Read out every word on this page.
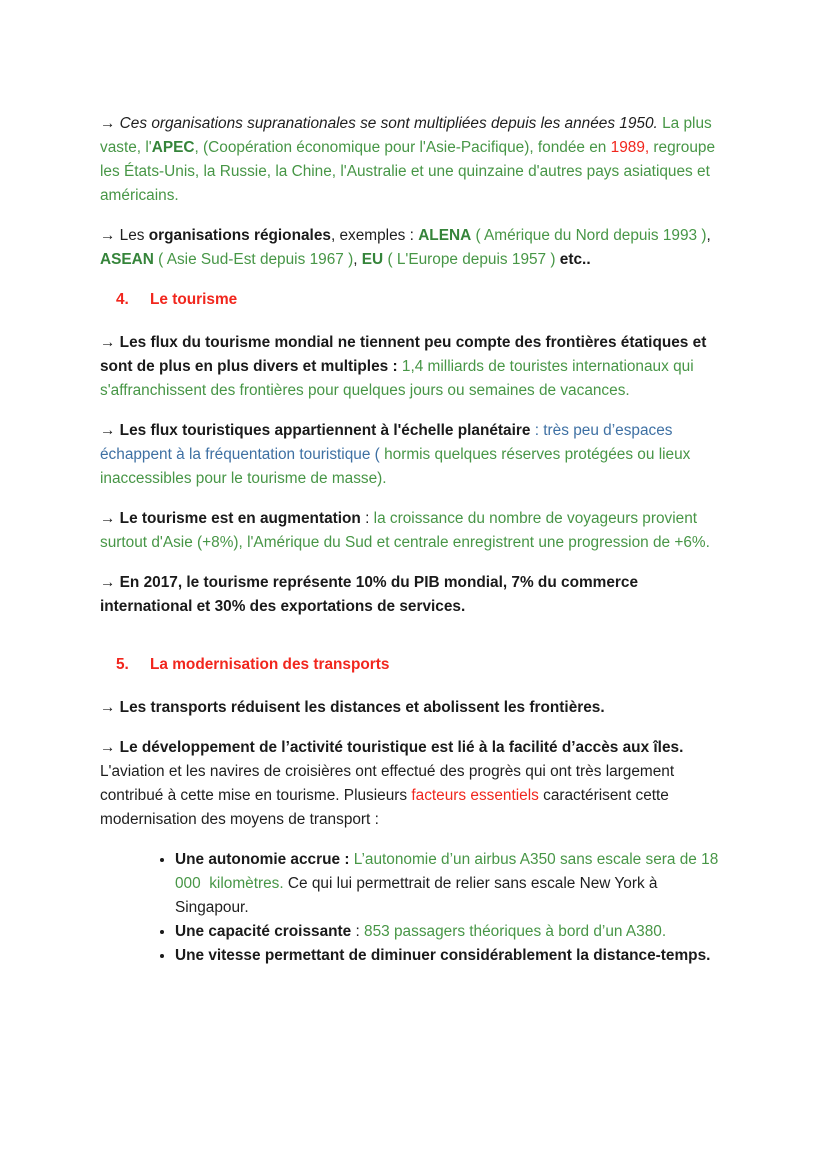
→ Ces organisations supranationales se sont multipliées depuis les années 1950. La plus vaste, l'APEC, (Coopération économique pour l'Asie-Pacifique), fondée en 1989, regroupe les États-Unis, la Russie, la Chine, l'Australie et une quinzaine d'autres pays asiatiques et américains.

→ Les organisations régionales, exemples : ALENA ( Amérique du Nord depuis 1993 ), ASEAN ( Asie Sud-Est depuis 1967 ), EU ( L'Europe depuis 1957 ) etc..

4. Le tourisme

→ Les flux du tourisme mondial ne tiennent peu compte des frontières étatiques et sont de plus en plus divers et multiples : 1,4 milliards de touristes internationaux qui s'affranchissent des frontières pour quelques jours ou semaines de vacances.

→ Les flux touristiques appartiennent à l'échelle planétaire : très peu d’espaces échappent à la fréquentation touristique ( hormis quelques réserves protégées ou lieux inaccessibles pour le tourisme de masse).

→ Le tourisme est en augmentation : la croissance du nombre de voyageurs provient surtout d'Asie (+8%), l'Amérique du Sud et centrale enregistrent une progression de +6%.

→ En 2017, le tourisme représente 10% du PIB mondial, 7% du commerce international et 30% des exportations de services.

5. La modernisation des transports

→ Les transports réduisent les distances et abolissent les frontières.

→ Le développement de l’activité touristique est lié à la facilité d’accès aux îles. L'aviation et les navires de croisières ont effectué des progrès qui ont très largement contribué à cette mise en tourisme. Plusieurs facteurs essentiels caractérisent cette modernisation des moyens de transport :

• Une autonomie accrue : L’autonomie d’un airbus A350 sans escale sera de 18 000  kilomètres. Ce qui lui permettrait de relier sans escale New York à Singapour.
• Une capacité croissante : 853 passagers théoriques à bord d’un A380.
• Une vitesse permettant de diminuer considérablement la distance-temps.
